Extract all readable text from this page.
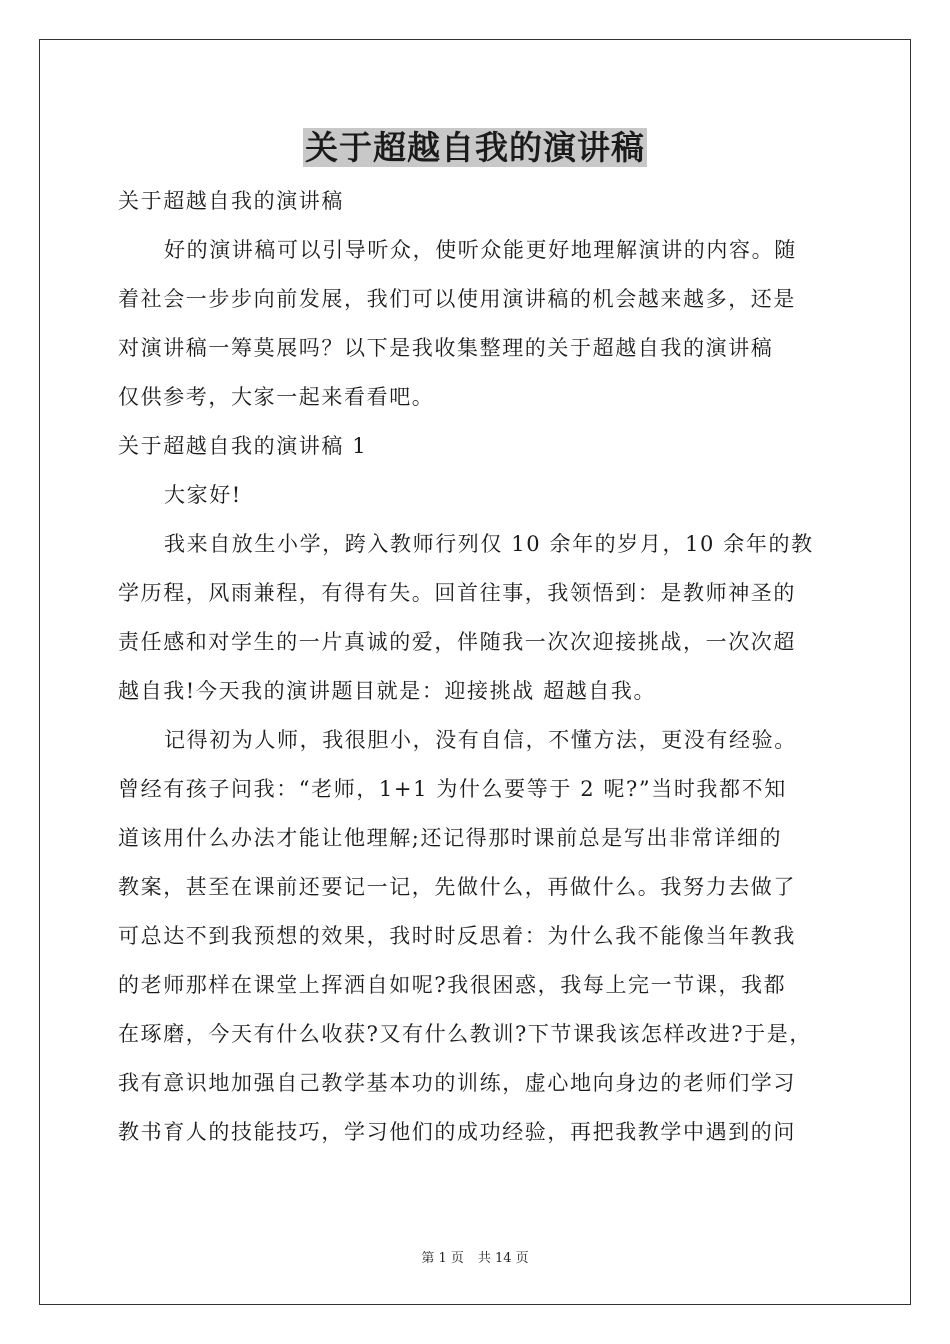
关于超越自我的演讲稿
关于超越自我的演讲稿
好的演讲稿可以引导听众，使听众能更好地理解演讲的内容。随
着社会一步步向前发展，我们可以使用演讲稿的机会越来越多，还是
对演讲稿一筹莫展吗？以下是我收集整理的关于超越自我的演讲稿
仅供参考，大家一起来看看吧。
关于超越自我的演讲稿 1
大家好!
我来自放生小学，跨入教师行列仅 10 余年的岁月，10 余年的教
学历程，风雨兼程，有得有失。回首往事，我领悟到：是教师神圣的
责任感和对学生的一片真诚的爱，伴随我一次次迎接挑战，一次次超
越自我!今天我的演讲题目就是：迎接挑战 超越自我。
记得初为人师，我很胆小，没有自信，不懂方法，更没有经验。
曾经有孩子问我：“老师，1+1 为什么要等于 2 呢?”当时我都不知
道该用什么办法才能让他理解;还记得那时课前总是写出非常详细的
教案，甚至在课前还要记一记，先做什么，再做什么。我努力去做了
可总达不到我预想的效果，我时时反思着：为什么我不能像当年教我
的老师那样在课堂上挥洒自如呢?我很困惑，我每上完一节课，我都
在琢磨，今天有什么收获?又有什么教训?下节课我该怎样改进?于是，
我有意识地加强自己教学基本功的训练，虚心地向身边的老师们学习
教书育人的技能技巧，学习他们的成功经验，再把我教学中遇到的问
第 1 页 共 14 页
